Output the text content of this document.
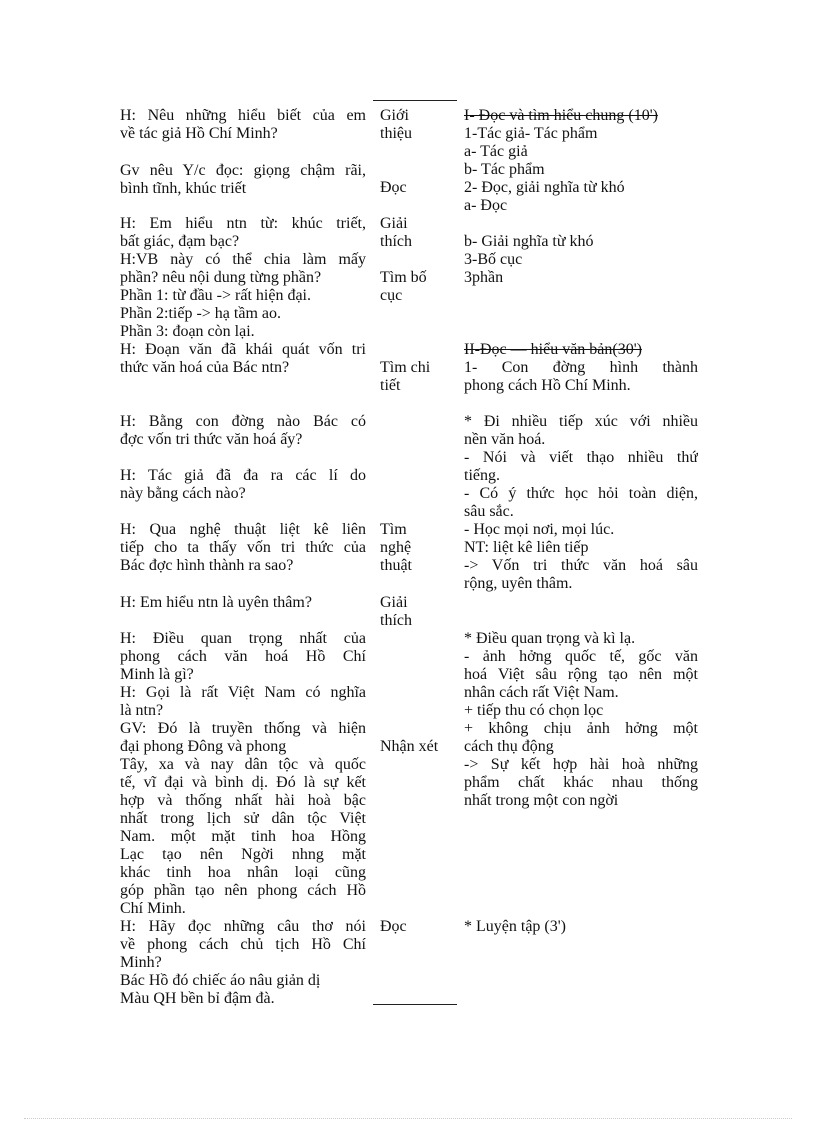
H: Nêu những hiểu biết của em
về tác giả Hồ Chí Minh?
Gv nêu Y/c đọc: giọng chậm rãi,
bình tĩnh, khúc triết
H: Em hiểu ntn từ: khúc triết,
bất giác, đạm bạc?
H:VB này có thể chia làm mấy
phần? nêu nội dung từng phần?
Phần 1: từ đầu -> rất hiện đại.
Phần 2:tiếp -> hạ tầm ao.
Phần 3: đoạn còn lại.
H: Đoạn văn đã khái quát vốn tri
thức văn hoá của Bác ntn?
H: Bằng con đờng nào Bác có
đợc vốn tri thức văn hoá ấy?
H: Tác giả đã đa ra các lí do
này bằng cách nào?
H: Qua nghệ thuật liệt kê liên
tiếp cho ta thấy vốn tri thức của
Bác đợc hình thành ra sao?
H: Em hiểu ntn là uyên thâm?
H: Điều quan trọng nhất của
phong cách văn hoá Hồ Chí
Minh là gì?
H: Gọi là rất Việt Nam có nghĩa
là ntn?
GV: Đó là truyền thống và hiện
đại phong Đông và phong
Tây, xa và nay dân tộc và quốc
tế, vĩ đại và bình dị. Đó là sự kết
hợp và thống nhất hài hoà bậc
nhất trong lịch sử dân tộc Việt
Nam. một mặt tinh hoa Hồng
Lạc tạo nên Ngời nhng mặt
khác tinh hoa nhân loại cũng
góp phần tạo nên phong cách Hồ
Chí Minh.
H: Hãy đọc những câu thơ nói
về phong cách chủ tịch Hồ Chí
Minh?
Bác Hồ đó chiếc áo nâu giản dị
Màu QH bền bỉ đậm đà.
Giới
thiệu
Đọc
Giải
thích
Tìm bố
cục
Tìm chi
tiết
Tìm
nghệ
thuật
Giải
thích
Nhận xét
Đọc
I- Đọc và tìm hiểu chung (10')
1-Tác giả- Tác phẩm
a- Tác giả
b- Tác phẩm
2- Đọc, giải nghĩa từ khó
a- Đọc
b- Giải nghĩa từ khó
3-Bố cục
3phần
II-Đọc — hiểu văn bản(30')
1- Con đờng hình thành
phong cách Hồ Chí Minh.
* Đi nhiều tiếp xúc với nhiều
nền văn hoá.
- Nói và viết thạo nhiều thứ
tiếng.
- Có ý thức học hỏi toàn diện,
sâu sắc.
- Học mọi nơi, mọi lúc.
NT: liệt kê liên tiếp
-> Vốn tri thức văn hoá sâu
rộng, uyên thâm.
* Điều quan trọng và kì lạ.
- ảnh hởng quốc tế, gốc văn
hoá Việt sâu rộng tạo nên một
nhân cách rất Việt Nam.
+ tiếp thu có chọn lọc
+ không chịu ảnh hởng một
cách thụ động
-> Sự kết hợp hài hoà những
phẩm chất khác nhau thống
nhất trong một con ngời
* Luyện tập (3')
